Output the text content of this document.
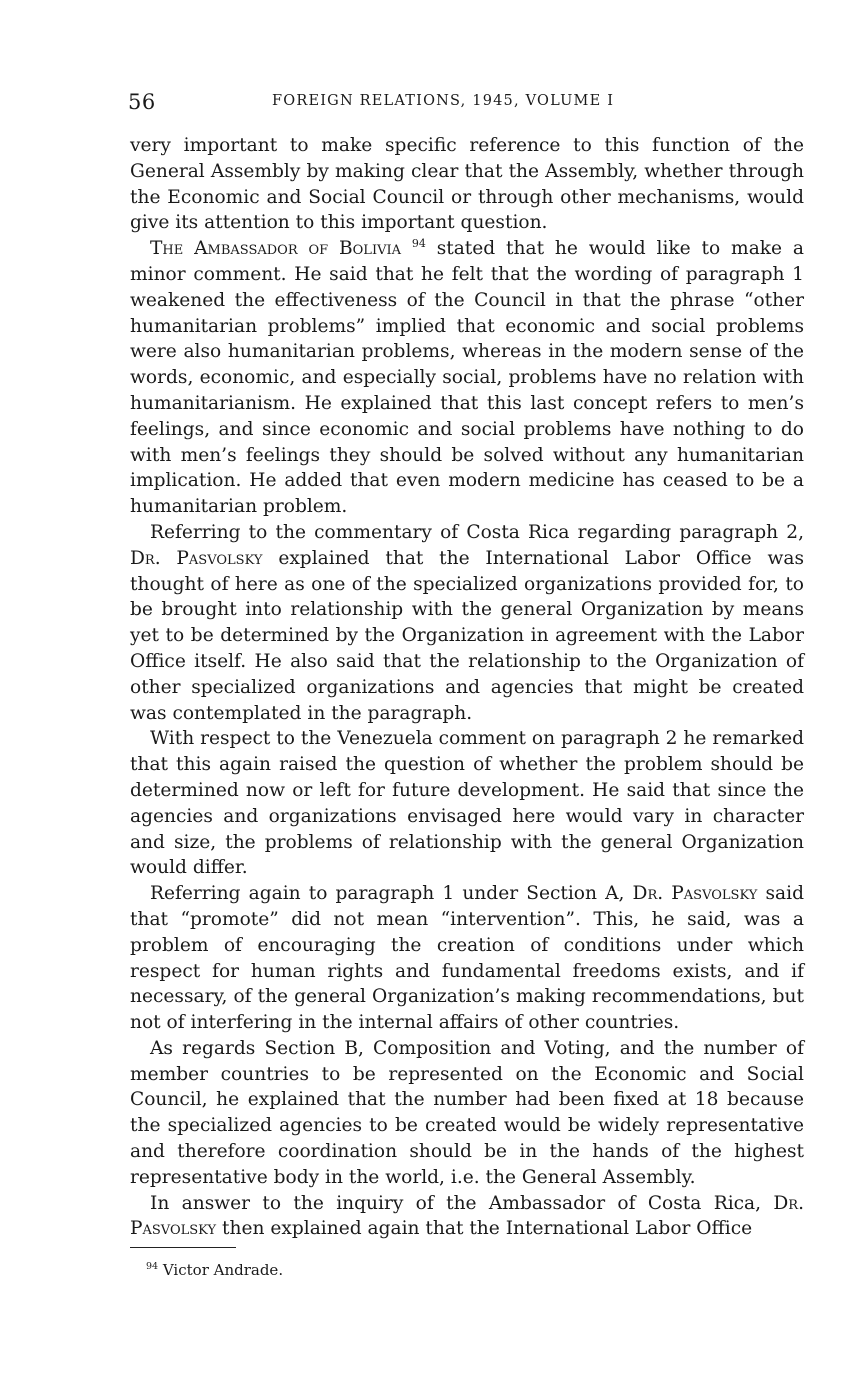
56	FOREIGN RELATIONS, 1945, VOLUME I

very important to make specific reference to this function of the General Assembly by making clear that the Assembly, whether through the Economic and Social Council or through other mechanisms, would give its attention to this important question.

The Ambassador of Bolivia $^{94}$ stated that he would like to make a minor comment. He said that he felt that the wording of paragraph 1 weakened the effectiveness of the Council in that the phrase “other humanitarian problems” implied that economic and social problems were also humanitarian problems, whereas in the modern sense of the words, economic, and especially social, problems have no relation with humanitarianism. He explained that this last concept refers to men’s feelings, and since economic and social problems have nothing to do with men’s feelings they should be solved without any humanitarian implication. He added that even modern medicine has ceased to be a humanitarian problem.

Referring to the commentary of Costa Rica regarding paragraph 2, Dr. Pasvolsky explained that the International Labor Office was thought of here as one of the specialized organizations provided for, to be brought into relationship with the general Organization by means yet to be determined by the Organization in agreement with the Labor Office itself. He also said that the relationship to the Organization of other specialized organizations and agencies that might be created was contemplated in the paragraph.

With respect to the Venezuela comment on paragraph 2 he remarked that this again raised the question of whether the problem should be determined now or left for future development. He said that since the agencies and organizations envisaged here would vary in character and size, the problems of relationship with the general Organization would differ.

Referring again to paragraph 1 under Section A, Dr. Pasvolsky said that “promote” did not mean “intervention”. This, he said, was a problem of encouraging the creation of conditions under which respect for human rights and fundamental freedoms exists, and if necessary, of the general Organization’s making recommendations, but not of interfering in the internal affairs of other countries.

As regards Section B, Composition and Voting, and the number of member countries to be represented on the Economic and Social Council, he explained that the number had been fixed at 18 because the specialized agencies to be created would be widely representative and therefore coordination should be in the hands of the highest representative body in the world, i.e. the General Assembly.

In answer to the inquiry of the Ambassador of Costa Rica, Dr. Pasvolsky then explained again that the International Labor Office

$^{94}$ Victor Andrade.
